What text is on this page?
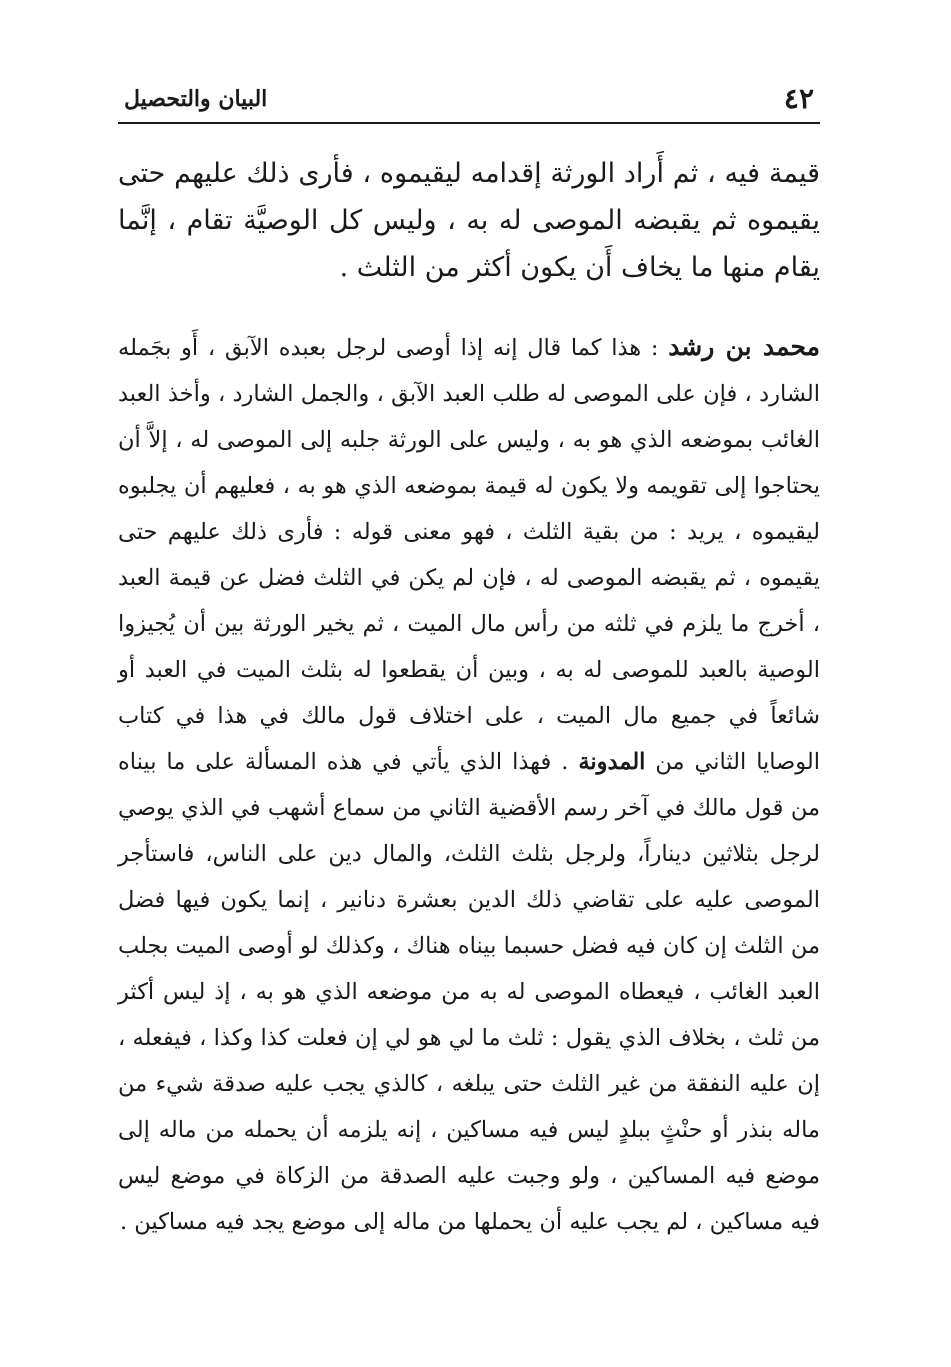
٤٢
البيان والتحصيل

قيمة فيه ، ثم أَراد الورثة إقدامه ليقيموه ، فأرى ذلك عليهم حتى يقيموه ثم يقبضه الموصى له به ، وليس كل الوصيَّة تقام ، إنَّما يقام منها ما يخاف أَن يكون أكثر من الثلث .

محمد بن رشد : هذا كما قال إنه إذا أوصى لرجل بعبده الآبق ، أَو بجَمله الشارد ، فإن على الموصى له طلب العبد الآبق ، والجمل الشارد ، وأخذ العبد الغائب بموضعه الذي هو به ، وليس على الورثة جلبه إلى الموصى له ، إلاَّ أن يحتاجوا إلى تقويمه ولا يكون له قيمة بموضعه الذي هو به ، فعليهم أن يجلبوه ليقيموه ، يريد : من بقية الثلث ، فهو معنى قوله : فأرى ذلك عليهم حتى يقيموه ، ثم يقبضه الموصى له ، فإن لم يكن في الثلث فضل عن قيمة العبد ، أخرج ما يلزم في ثلثه من رأس مال الميت ، ثم يخير الورثة بين أن يُجيزوا الوصية بالعبد للموصى له به ، وبين أن يقطعوا له بثلث الميت في العبد أو شائعاً في جميع مال الميت ، على اختلاف قول مالك في هذا في كتاب الوصايا الثاني من المدونة . فهذا الذي يأتي في هذه المسألة على ما بيناه من قول مالك في آخر رسم الأقضية الثاني من سماع أشهب في الذي يوصي لرجل بثلاثين ديناراً، ولرجل بثلث الثلث، والمال دين على الناس، فاستأجر الموصى عليه على تقاضي ذلك الدين بعشرة دنانير ، إنما يكون فيها فضل من الثلث إن كان فيه فضل حسبما بيناه هناك ، وكذلك لو أوصى الميت بجلب العبد الغائب ، فيعطاه الموصى له به من موضعه الذي هو به ، إذ ليس أكثر من ثلث ، بخلاف الذي يقول : ثلث ما لي هو لي إن فعلت كذا وكذا ، فيفعله ، إن عليه النفقة من غير الثلث حتى يبلغه ، كالذي يجب عليه صدقة شيء من ماله بنذر أو حنْثٍ ببلدٍ ليس فيه مساكين ، إنه يلزمه أن يحمله من ماله إلى موضع فيه المساكين ، ولو وجبت عليه الصدقة من الزكاة في موضع ليس فيه مساكين ، لم يجب عليه أن يحملها من ماله إلى موضع يجد فيه مساكين .
